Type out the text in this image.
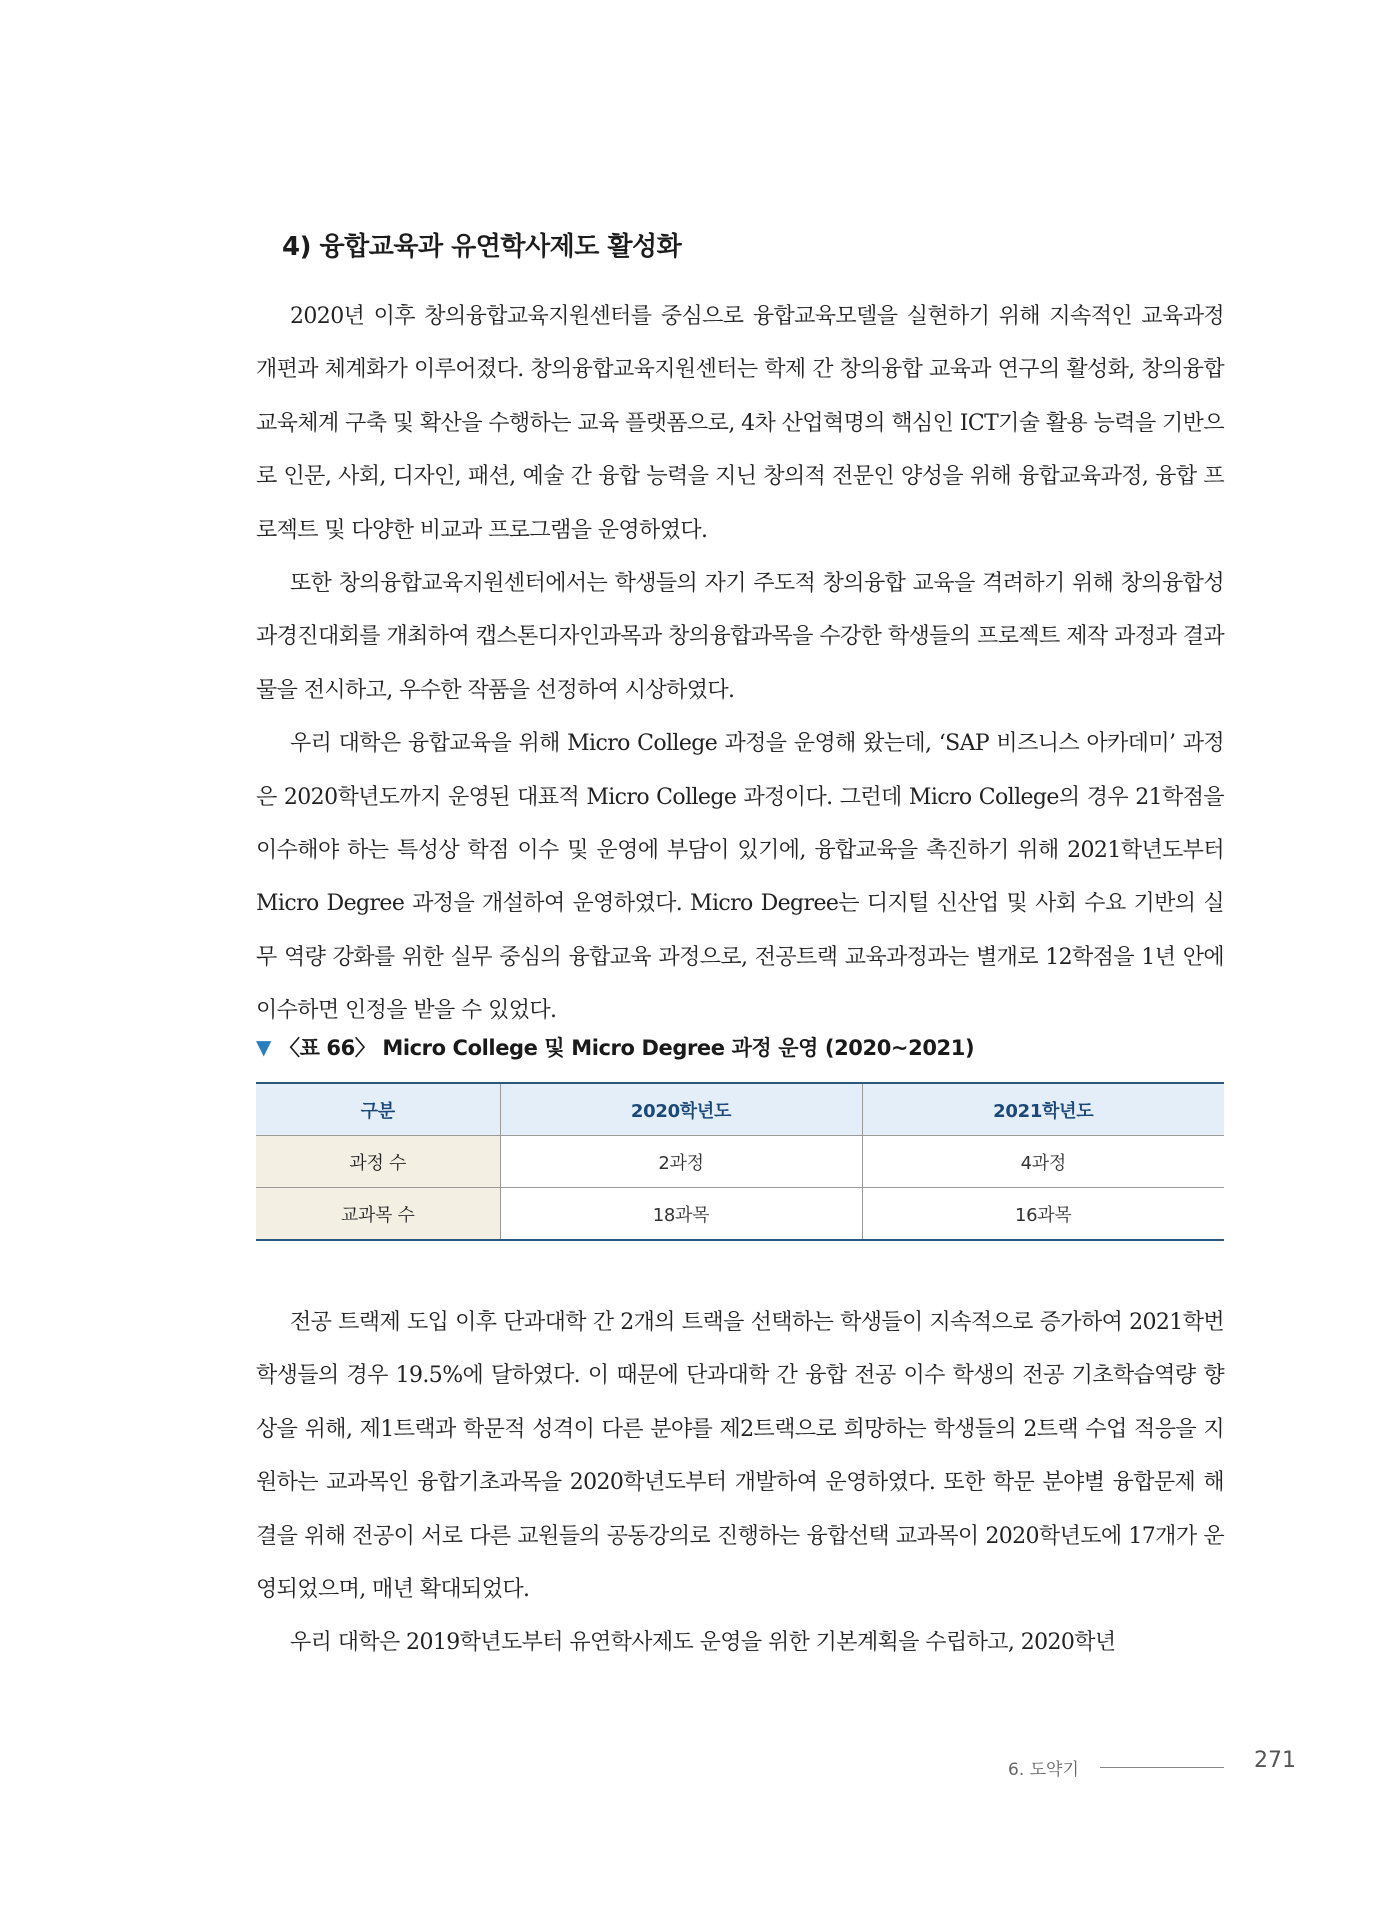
4) 융합교육과 유연학사제도 활성화

2020년 이후 창의융합교육지원센터를 중심으로 융합교육모델을 실현하기 위해 지속적인 교육과정 개편과 체계화가 이루어졌다. 창의융합교육지원센터는 학제 간 창의융합 교육과 연구의 활성화, 창의융합교육체계 구축 및 확산을 수행하는 교육 플랫폼으로, 4차 산업혁명의 핵심인 ICT기술 활용 능력을 기반으로 인문, 사회, 디자인, 패션, 예술 간 융합 능력을 지닌 창의적 전문인 양성을 위해 융합교육과정, 융합 프로젝트 및 다양한 비교과 프로그램을 운영하였다.

또한 창의융합교육지원센터에서는 학생들의 자기 주도적 창의융합 교육을 격려하기 위해 창의융합성과경진대회를 개최하여 캡스톤디자인과목과 창의융합과목을 수강한 학생들의 프로젝트 제작 과정과 결과물을 전시하고, 우수한 작품을 선정하여 시상하였다.

우리 대학은 융합교육을 위해 Micro College 과정을 운영해 왔는데, ‘SAP 비즈니스 아카데미’ 과정은 2020학년도까지 운영된 대표적 Micro College 과정이다. 그런데 Micro College의 경우 21학점을 이수해야 하는 특성상 학점 이수 및 운영에 부담이 있기에, 융합교육을 촉진하기 위해 2021학년도부터 Micro Degree 과정을 개설하여 운영하였다. Micro Degree는 디지털 신산업 및 사회 수요 기반의 실무 역량 강화를 위한 실무 중심의 융합교육 과정으로, 전공트랙 교육과정과는 별개로 12학점을 1년 안에 이수하면 인정을 받을 수 있었다.

▼ 〈표 66〉 Micro College 및 Micro Degree 과정 운영 (2020~2021)
구분	2020학년도	2021학년도
과정 수	2과정	4과정
교과목 수	18과목	16과목

전공 트랙제 도입 이후 단과대학 간 2개의 트랙을 선택하는 학생들이 지속적으로 증가하여 2021학번 학생들의 경우 19.5%에 달하였다. 이 때문에 단과대학 간 융합 전공 이수 학생의 전공 기초학습역량 향상을 위해, 제1트랙과 학문적 성격이 다른 분야를 제2트랙으로 희망하는 학생들의 2트랙 수업 적응을 지원하는 교과목인 융합기초과목을 2020학년도부터 개발하여 운영하였다. 또한 학문 분야별 융합문제 해결을 위해 전공이 서로 다른 교원들의 공동강의로 진행하는 융합선택 교과목이 2020학년도에 17개가 운영되었으며, 매년 확대되었다.

우리 대학은 2019학년도부터 유연학사제도 운영을 위한 기본계획을 수립하고, 2020학년

6. 도약기	271
